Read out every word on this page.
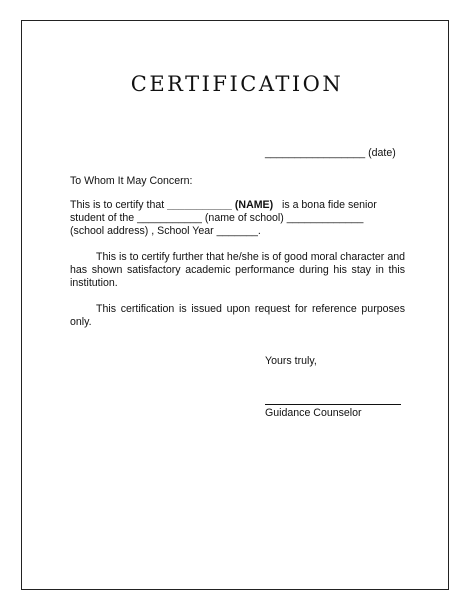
CERTIFICATION
_________________ (date)
To Whom It May Concern:
This is to certify that ___________ (NAME)   is a bona fide senior
student of the ___________ (name of school) _____________
(school address) , School Year _______.
This is to certify further that he/she is of good moral character and has shown satisfactory academic performance during his stay in this institution.
This certification is issued upon request for reference purposes only.
Yours truly,
Guidance Counselor
